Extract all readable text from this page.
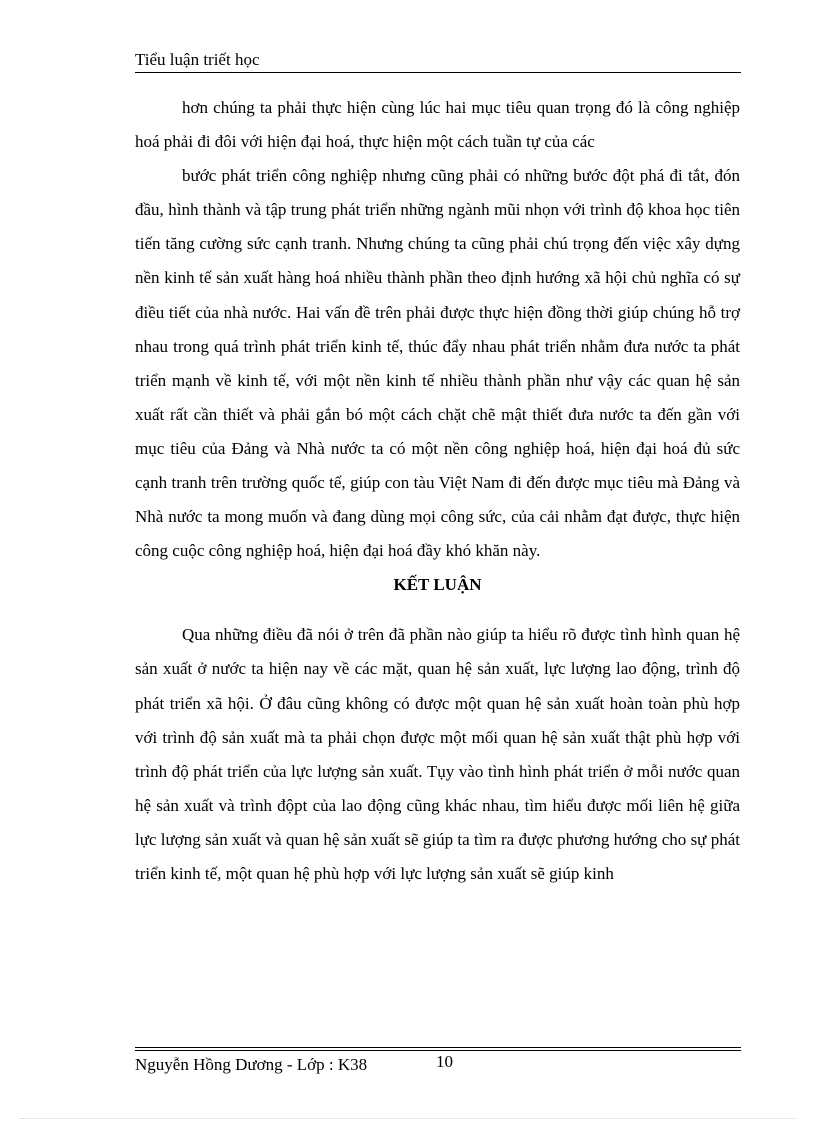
Tiểu luận triết học

hơn chúng ta phải thực hiện cùng lúc hai mục tiêu quan trọng đó là công nghiệp hoá phải đi đôi với hiện đại hoá, thực hiện một cách tuần tự của các

bước phát triển công nghiệp nhưng cũng phải có những bước đột phá đi tắt, đón đầu, hình thành và tập trung phát triển những ngành mũi nhọn với trình độ khoa học tiên tiến tăng cường sức cạnh tranh. Nhưng chúng ta cũng phải chú trọng đến việc xây dựng nền kinh tế sản xuất hàng hoá nhiều thành phần theo định hướng xã hội chủ nghĩa có sự điều tiết của nhà nước. Hai vấn đề trên phải được thực hiện đồng thời giúp chúng hỗ trợ nhau trong quá trình phát triển kinh tế, thúc đẩy nhau phát triển nhằm đưa nước ta phát triển mạnh về kinh tế, với một nền kinh tế nhiều thành phần như vậy các quan hệ sản xuất rất cần thiết và phải gắn bó một cách chặt chẽ mật thiết đưa nước ta đến gần với mục tiêu của Đảng và Nhà nước ta có một nền công nghiệp hoá, hiện đại hoá đủ sức cạnh tranh trên trường quốc tế, giúp con tàu Việt Nam đi đến được mục tiêu mà Đảng và Nhà nước ta mong muốn và đang dùng mọi công sức, của cải nhằm đạt được, thực hiện công cuộc công nghiệp hoá, hiện đại hoá đầy khó khăn này.

KẾT LUẬN

Qua những điều đã nói ở trên đã phần nào giúp ta hiểu rõ được tình hình quan hệ sản xuất ở nước ta hiện nay về các mặt, quan hệ sản xuất, lực lượng lao động, trình độ phát triển xã hội. Ở đâu cũng không có được một quan hệ sản xuất hoàn toàn phù hợp với trình độ sản xuất mà ta phải chọn được một mối quan hệ sản xuất thật phù hợp với trình độ phát triển của lực lượng sản xuất. Tụy vào tình hình phát triển ở mỗi nước quan hệ sản xuất và trình độpt của lao động cũng khác nhau, tìm hiểu được mối liên hệ giữa lực lượng sản xuất và quan hệ sản xuất sẽ giúp ta tìm ra được phương hướng cho sự phát triển kinh tế, một quan hệ phù hợp với lực lượng sản xuất sẽ giúp kinh

Nguyễn Hồng Dương - Lớp : K38	10
